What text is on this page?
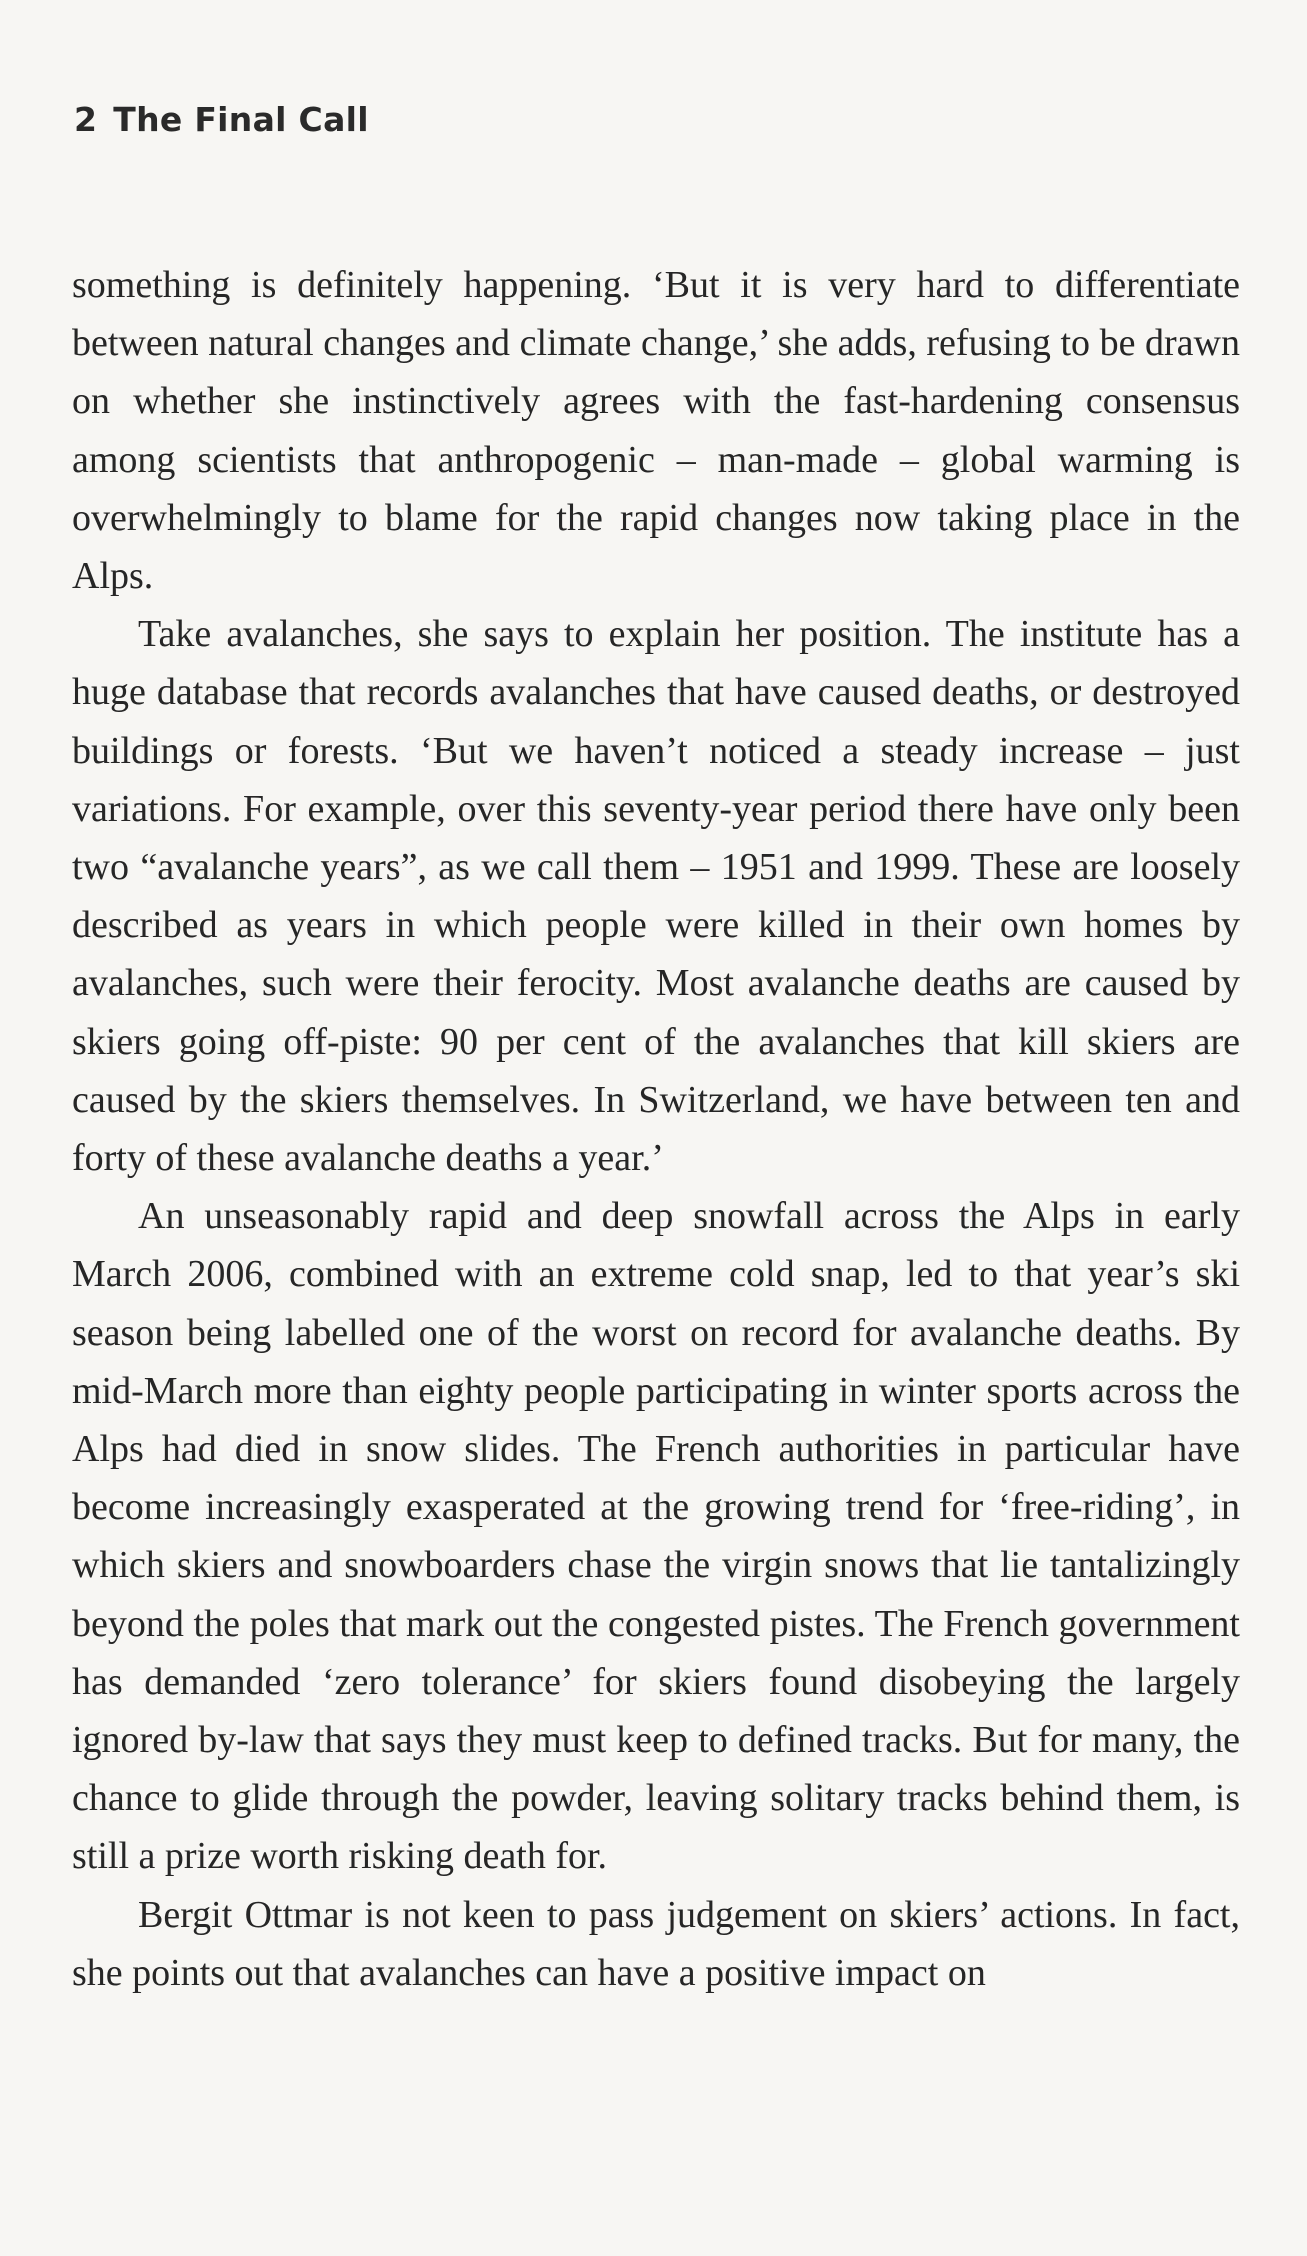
2 The Final Call

something is definitely happening. ‘But it is very hard to differentiate between natural changes and climate change,’ she adds, refusing to be drawn on whether she instinctively agrees with the fast-hardening consensus among scientists that anthropogenic – man-made – global warming is overwhelmingly to blame for the rapid changes now taking place in the Alps.

Take avalanches, she says to explain her position. The institute has a huge database that records avalanches that have caused deaths, or destroyed buildings or forests. ‘But we haven’t noticed a steady increase – just variations. For example, over this seventy-year period there have only been two “avalanche years”, as we call them – 1951 and 1999. These are loosely described as years in which people were killed in their own homes by avalanches, such were their ferocity. Most avalanche deaths are caused by skiers going off-piste: 90 per cent of the avalanches that kill skiers are caused by the skiers themselves. In Switzerland, we have between ten and forty of these avalanche deaths a year.’

An unseasonably rapid and deep snowfall across the Alps in early March 2006, combined with an extreme cold snap, led to that year’s ski season being labelled one of the worst on record for avalanche deaths. By mid-March more than eighty people participating in winter sports across the Alps had died in snow slides. The French authorities in particular have become increasingly exasperated at the growing trend for ‘free-riding’, in which skiers and snowboarders chase the virgin snows that lie tantalizingly beyond the poles that mark out the congested pistes. The French government has demanded ‘zero tolerance’ for skiers found disobeying the largely ignored by-law that says they must keep to defined tracks. But for many, the chance to glide through the powder, leaving solitary tracks behind them, is still a prize worth risking death for.

Bergit Ottmar is not keen to pass judgement on skiers’ actions. In fact, she points out that avalanches can have a positive impact on
